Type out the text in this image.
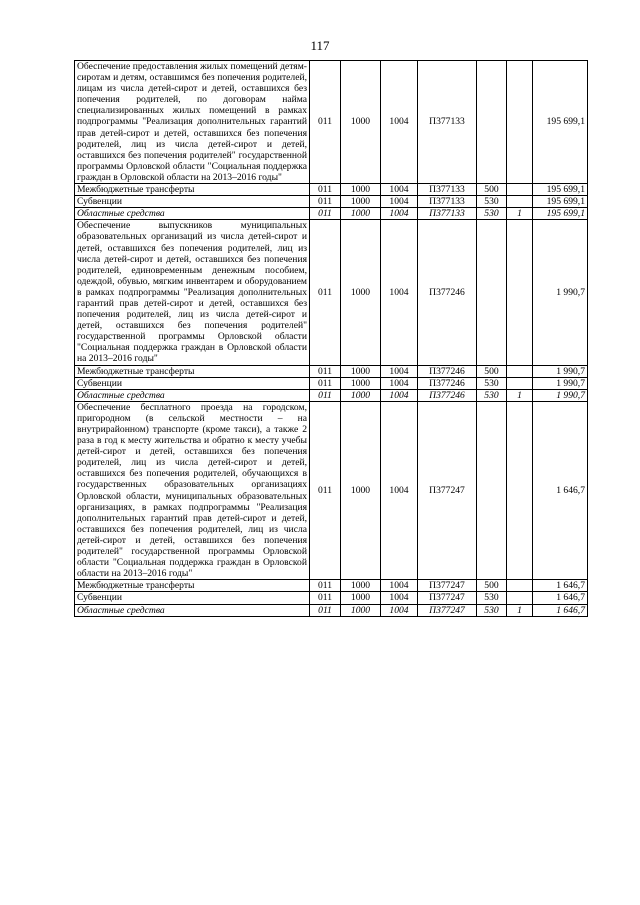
117
Обеспечение предоставления жилых помещений детям-сиротам и детям, оставшимся без попечения родителей, лицам из числа детей-сирот и детей, оставшихся без попечения родителей, по договорам найма специализированных жилых помещений в рамках подпрограммы "Реализация дополнительных гарантий прав детей-сирот и детей, оставшихся без попечения родителей, лиц из числа детей-сирот и детей, оставшихся без попечения родителей" государственной программы Орловской области "Социальная поддержка граждан в Орловской области на 2013–2016 годы"	011	1000	1004	П377133			195 699,1
Межбюджетные трансферты	011	1000	1004	П377133	500		195 699,1
Субвенции	011	1000	1004	П377133	530		195 699,1
Областные средства	011	1000	1004	П377133	530	1	195 699,1
Обеспечение выпускников муниципальных образовательных организаций из числа детей-сирот и детей, оставшихся без попечения родителей, лиц из числа детей-сирот и детей, оставшихся без попечения родителей, единовременным денежным пособием, одеждой, обувью, мягким инвентарем и оборудованием в рамках подпрограммы "Реализация дополнительных гарантий прав детей-сирот и детей, оставшихся без попечения родителей, лиц из числа детей-сирот и детей, оставшихся без попечения родителей" государственной программы Орловской области "Социальная поддержка граждан в Орловской области на 2013–2016 годы"	011	1000	1004	П377246			1 990,7
Межбюджетные трансферты	011	1000	1004	П377246	500		1 990,7
Субвенции	011	1000	1004	П377246	530		1 990,7
Областные средства	011	1000	1004	П377246	530	1	1 990,7
Обеспечение бесплатного проезда на городском, пригородном (в сельской местности – на внутрирайонном) транспорте (кроме такси), а также 2 раза в год к месту жительства и обратно к месту учебы детей-сирот и детей, оставшихся без попечения родителей, лиц из числа детей-сирот и детей, оставшихся без попечения родителей, обучающихся в государственных образовательных организациях Орловской области, муниципальных образовательных организациях, в рамках подпрограммы "Реализация дополнительных гарантий прав детей-сирот и детей, оставшихся без попечения родителей, лиц из числа детей-сирот и детей, оставшихся без попечения родителей" государственной программы Орловской области "Социальная поддержка граждан в Орловской области на 2013–2016 годы"	011	1000	1004	П377247			1 646,7
Межбюджетные трансферты	011	1000	1004	П377247	500		1 646,7
Субвенции	011	1000	1004	П377247	530		1 646,7
Областные средства	011	1000	1004	П377247	530	1	1 646,7
